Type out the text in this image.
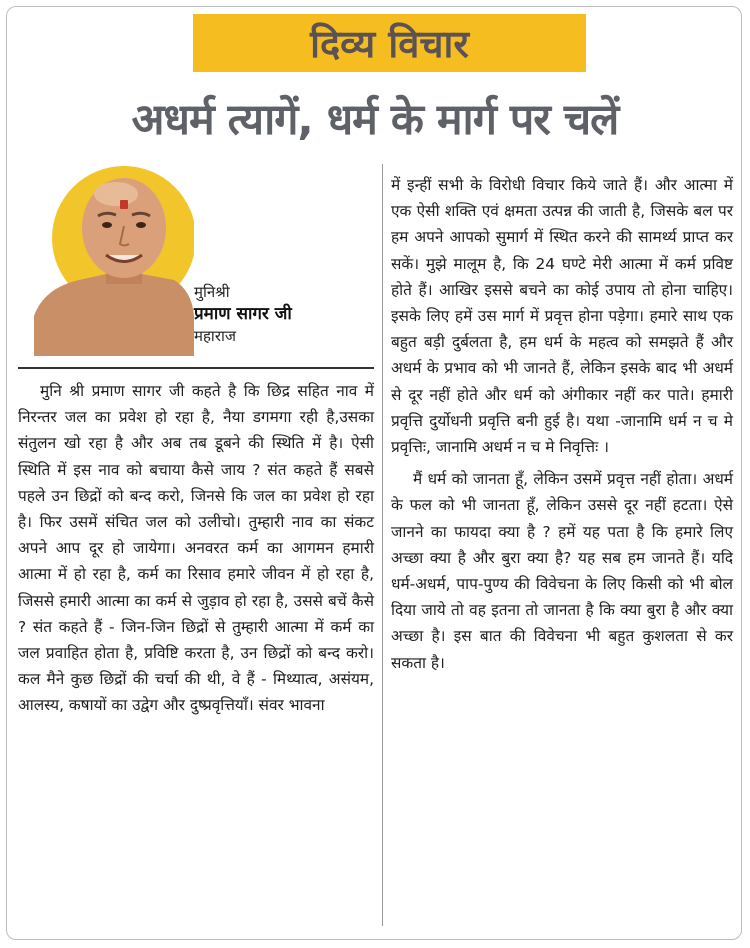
दिव्य विचार
अधर्म त्यागें, धर्म के मार्ग पर चलें
मुनिश्री
प्रमाण सागर जी
महाराज

मुनि श्री प्रमाण सागर जी कहते है कि छिद्र सहित नाव में निरन्तर जल का प्रवेश हो रहा है, नैया डगमगा रही है,उसका संतुलन खो रहा है और अब तब डूबने की स्थिति में है। ऐसी स्थिति में इस नाव को बचाया कैसे जाय ? संत कहते हैं सबसे पहले उन छिद्रों को बन्द करो, जिनसे कि जल का प्रवेश हो रहा है। फिर उसमें संचित जल को उलीचो। तुम्हारी नाव का संकट अपने आप दूर हो जायेगा। अनवरत कर्म का आगमन हमारी आत्मा में हो रहा है, कर्म का रिसाव हमारे जीवन में हो रहा है, जिससे हमारी आत्मा का कर्म से जुड़ाव हो रहा है, उससे बचें कैसे ? संत कहते हैं - जिन-जिन छिद्रों से तुम्हारी आत्मा में कर्म का जल प्रवाहित होता है, प्रविष्टि करता है, उन छिद्रों को बन्द करो। कल मैने कुछ छिद्रों की चर्चा की थी, वे हैं - मिथ्यात्व, असंयम, आलस्य, कषायों का उद्वेग और दुष्प्रवृत्तियाँ। संवर भावना

में इन्हीं सभी के विरोधी विचार किये जाते हैं। और आत्मा में एक ऐसी शक्ति एवं क्षमता उत्पन्न की जाती है, जिसके बल पर हम अपने आपको सुमार्ग में स्थित करने की सामर्थ्य प्राप्त कर सकें। मुझे मालूम है, कि 24 घण्टे मेरी आत्मा में कर्म प्रविष्ट होते हैं। आखिर इससे बचने का कोई उपाय तो होना चाहिए। इसके लिए हमें उस मार्ग में प्रवृत्त होना पड़ेगा। हमारे साथ एक बहुत बड़ी दुर्बलता है, हम धर्म के महत्व को समझते हैं और अधर्म के प्रभाव को भी जानते हैं, लेकिन इसके बाद भी अधर्म से दूर नहीं होते और धर्म को अंगीकार नहीं कर पाते। हमारी प्रवृत्ति दुर्योधनी प्रवृत्ति बनी हुई है। यथा -जानामि धर्म न च मे प्रवृत्तिः, जानामि अधर्म न च मे निवृत्तिः ।

मैं धर्म को जानता हूँ, लेकिन उसमें प्रवृत्त नहीं होता। अधर्म के फल को भी जानता हूँ, लेकिन उससे दूर नहीं हटता। ऐसे जानने का फायदा क्या है ? हमें यह पता है कि हमारे लिए अच्छा क्या है और बुरा क्या है? यह सब हम जानते हैं। यदि धर्म-अधर्म, पाप-पुण्य की विवेचना के लिए किसी को भी बोल दिया जाये तो वह इतना तो जानता है कि क्या बुरा है और क्या अच्छा है। इस बात की विवेचना भी बहुत कुशलता से कर सकता है।
